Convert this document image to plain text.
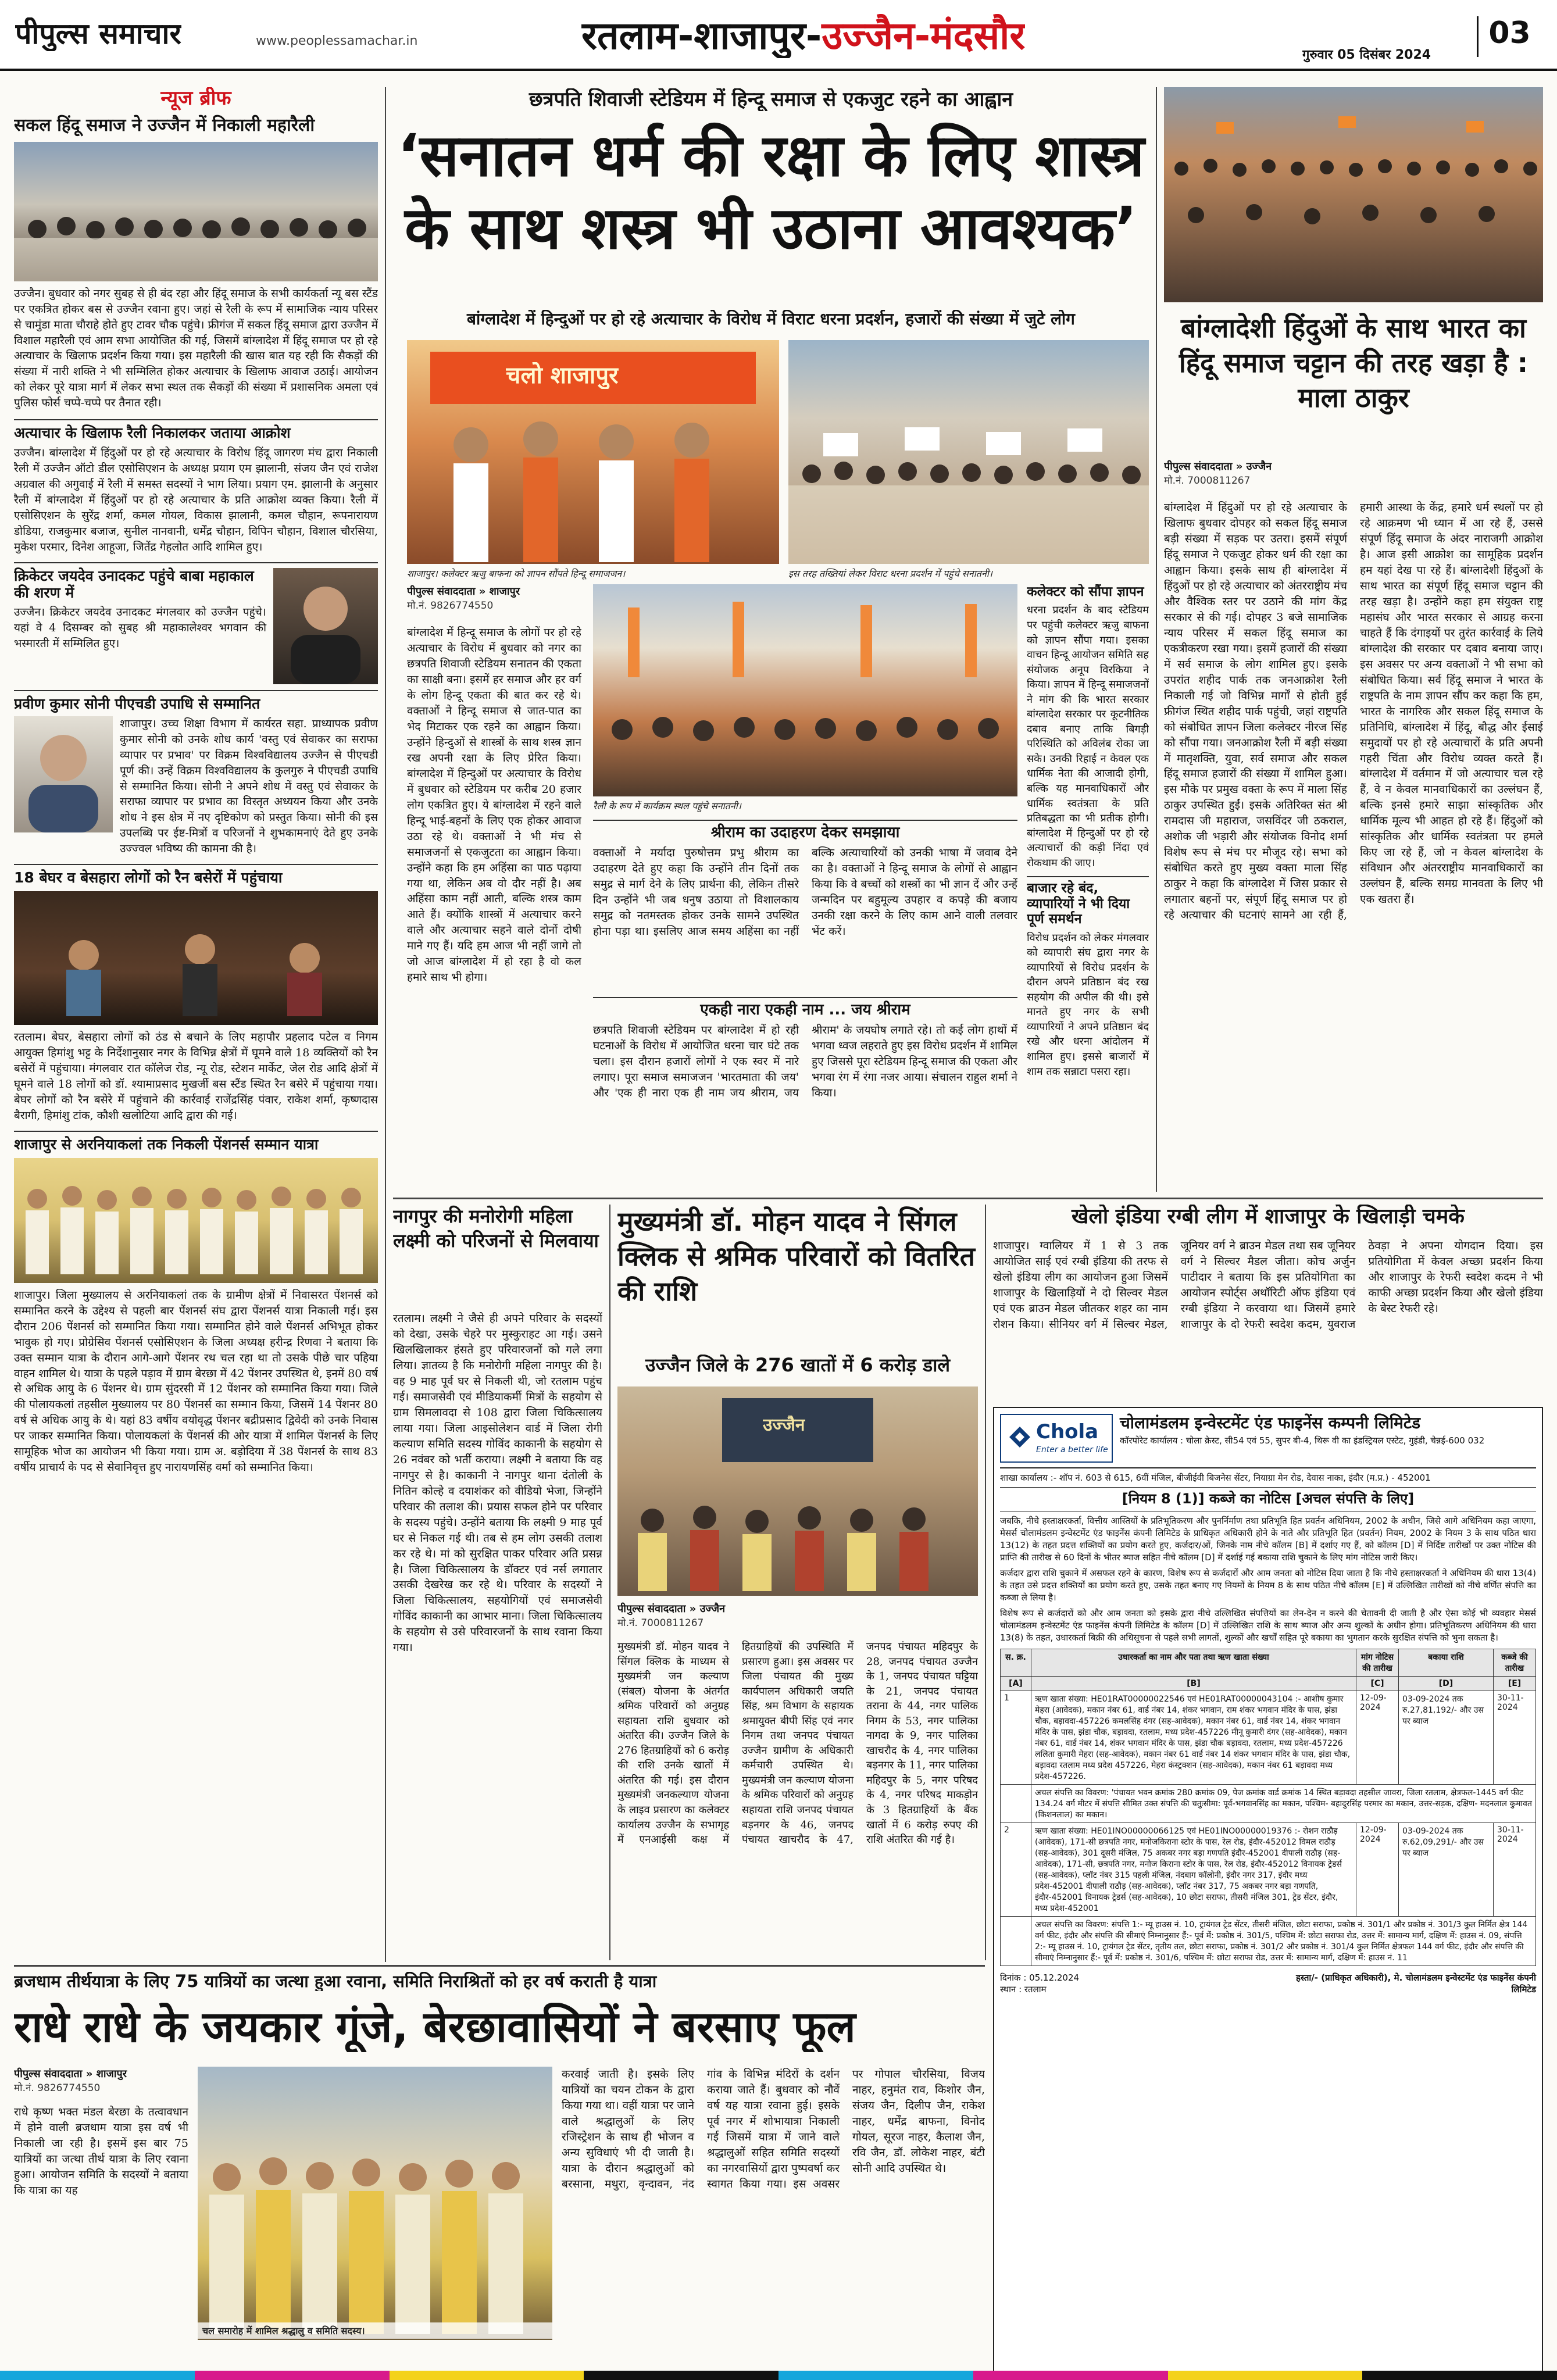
पीपुल्स समाचार	www.peoplessamachar.in	रतलाम-शाजापुर-उज्जैन-मंदसौर	गुरुवार 05 दिसंबर 2024
03
न्यूज ब्रीफ
सकल हिंदू समाज ने उज्जैन में निकाली महारैली
उज्जैन। बुधवार को नगर सुबह से ही बंद रहा और हिंदू समाज के सभी कार्यकर्ता न्यू बस स्टैंड पर एकत्रित होकर बस से उज्जैन रवाना हुए। जहां से रैली के रूप में सामाजिक न्याय परिसर से चामुंडा माता चौराहे होते हुए टावर चौक पहुंचे। फ्रीगंज में सकल हिंदू समाज द्वारा उज्जैन में विशाल महारैली एवं आम सभा आयोजित की गई, जिसमें बांग्लादेश में हिंदू समाज पर हो रहे अत्याचार के खिलाफ प्रदर्शन किया गया। इस महारैली की खास बात यह रही कि सैकड़ों की संख्या में नारी शक्ति ने भी सम्मिलित होकर अत्याचार के खिलाफ आवाज उठाई। आयोजन को लेकर पूरे यात्रा मार्ग में लेकर सभा स्थल तक सैकड़ों की संख्या में प्रशासनिक अमला एवं पुलिस फोर्स चप्पे-चप्पे पर तैनात रही।
अत्याचार के खिलाफ रैली निकालकर जताया आक्रोश
उज्जैन। बांग्लादेश में हिंदुओं पर हो रहे अत्याचार के विरोध हिंदू जागरण मंच द्वारा निकाली रैली में उज्जैन ऑटो डील एसोसिएशन के अध्यक्ष प्रयाग एम झालानी, संजय जैन एवं राजेश अग्रवाल की अगुवाई में रैली में समस्त सदस्यों ने भाग लिया। प्रयाग एम. झालानी के अनुसार रैली में बांग्लादेश में हिंदुओं पर हो रहे अत्याचार के प्रति आक्रोश व्यक्त किया। रैली में एसोसिएशन के सुरेंद्र शर्मा, कमल गोयल, विकास झालानी, कमल चौहान, रूपनारायण डोडिया, राजकुमार बजाज, सुनील नानवानी, धर्मेंद्र चौहान, विपिन चौहान, विशाल चौरसिया, मुकेश परमार, दिनेश आहूजा, जितेंद्र गेहलोत आदि शामिल हुए।
क्रिकेटर जयदेव उनादकट पहुंचे बाबा महाकाल की शरण में
उज्जैन। क्रिकेटर जयदेव उनादकट मंगलवार को उज्जैन पहुंचे। यहां वे 4 दिसम्बर को सुबह श्री महाकालेश्वर भगवान की भस्मारती में सम्मिलित हुए।
प्रवीण कुमार सोनी पीएचडी उपाधि से सम्मानित
शाजापुर। उच्च शिक्षा विभाग में कार्यरत सहा. प्राध्यापक प्रवीण कुमार सोनी को उनके शोध कार्य 'वस्तु एवं सेवाकर का सराफा व्यापार पर प्रभाव' पर विक्रम विश्वविद्यालय उज्जैन से पीएचडी पूर्ण की। उन्हें विक्रम विश्वविद्यालय के कुलगुरु ने पीएचडी उपाधि से सम्मानित किया। सोनी ने अपने शोध में वस्तु एवं सेवाकर के सराफा व्यापार पर प्रभाव का विस्तृत अध्ययन किया और उनके शोध ने इस क्षेत्र में नए दृष्टिकोण को प्रस्तुत किया। सोनी की इस उपलब्धि पर ईष्ट-मित्रों व परिजनों ने शुभकामनाएं देते हुए उनके उज्ज्वल भविष्य की कामना की है।
18 बेघर व बेसहारा लोगों को रैन बसेरों में पहुंचाया
रतलाम। बेघर, बेसहारा लोगों को ठंड से बचाने के लिए महापौर प्रहलाद पटेल व निगम आयुक्त हिमांशु भट्ट के निर्देशानुसार नगर के विभिन्न क्षेत्रों में घूमने वाले 18 व्यक्तियों को रैन बसेरों में पहुंचाया। मंगलवार रात कॉलेज रोड, न्यू रोड, स्टेशन मार्केट, जेल रोड आदि क्षेत्रों में घूमने वाले 18 लोगों को डॉ. श्यामाप्रसाद मुखर्जी बस स्टैंड स्थित रैन बसेरे में पहुंचाया गया। बेघर लोगों को रैन बसेरे में पहुंचाने की कार्रवाई राजेंद्रसिंह पंवार, राकेश शर्मा, कृष्णदास बैरागी, हिमांशु टांक, कौशी खलोटिया आदि द्वारा की गई।
शाजापुर से अरनियाकलां तक निकली पेंशनर्स सम्मान यात्रा
शाजापुर। जिला मुख्यालय से अरनियाकलां तक के ग्रामीण क्षेत्रों में निवासरत पेंशनर्स को सम्मानित करने के उद्देश्य से पहली बार पेंशनर्स संघ द्वारा पेंशनर्स यात्रा निकाली गई। इस दौरान 206 पेंशनर्स को सम्मानित किया गया। सम्मानित होने वाले पेंशनर्स अभिभूत होकर भावुक हो गए। प्रोग्रेसिव पेंशनर्स एसोसिएशन के जिला अध्यक्ष हरीन्द्र रिणवा ने बताया कि उक्त सम्मान यात्रा के दौरान आगे-आगे पेंशनर रथ चल रहा था तो उसके पीछे चार पहिया वाहन शामिल थे। यात्रा के पहले पड़ाव में ग्राम बेरछा में 42 पेंशनर उपस्थित थे, इनमें 80 वर्ष से अधिक आयु के 6 पेंशनर थे। ग्राम सुंदरसी में 12 पेंशनर को सम्मानित किया गया। जिले की पोलायकलां तहसील मुख्यालय पर 80 पेंशनर्स का सम्मान किया, जिसमें 14 पेंशनर 80 वर्ष से अधिक आयु के थे। यहां 83 वर्षीय वयोवृद्ध पेंशनर बद्रीप्रसाद द्विवेदी को उनके निवास पर जाकर सम्मानित किया। पोलायकलां के पेंशनर्स की ओर यात्रा में शामिल पेंशनर्स के लिए सामूहिक भोज का आयोजन भी किया गया। ग्राम अ. बड़ोदिया में 38 पेंशनर्स के साथ 83 वर्षीय प्राचार्य के पद से सेवानिवृत्त हुए नारायणसिंह वर्मा को सम्मानित किया।
छत्रपति शिवाजी स्टेडियम में हिन्दू समाज से एकजुट रहने का आह्वान
‘सनातन धर्म की रक्षा के लिए शास्त्र के साथ शस्त्र भी उठाना आवश्यक’
बांग्लादेश में हिन्दुओं पर हो रहे अत्याचार के विरोध में विराट धरना प्रदर्शन, हजारों की संख्या में जुटे लोग
चलो शाजापुर
शाजापुर। कलेक्टर ऋजु बाफना को ज्ञापन सौंपते हिन्दू समाजजन।	इस तरह तख्तियां लेकर विराट धरना प्रदर्शन में पहुंचे सनातनी।
पीपुल्स संवाददाता » शाजापुर
मो.नं. 9826774550
बांग्लादेश में हिन्दू समाज के लोगों पर हो रहे अत्याचार के विरोध में बुधवार को नगर का छत्रपति शिवाजी स्टेडियम सनातन की एकता का साक्षी बना। इसमें हर समाज और हर वर्ग के लोग हिन्दू एकता की बात कर रहे थे। वक्ताओं ने हिन्दू समाज से जात-पात का भेद मिटाकर एक रहने का आह्वान किया। उन्होंने हिन्दुओं से शास्त्रों के साथ शस्त्र ज्ञान रख अपनी रक्षा के लिए प्रेरित किया। बांग्लादेश में हिन्दुओं पर अत्याचार के विरोध में बुधवार को स्टेडियम पर करीब 20 हजार लोग एकत्रित हुए। ये बांग्लादेश में रहने वाले हिन्दू भाई-बहनों के लिए एक होकर आवाज उठा रहे थे। वक्ताओं ने भी मंच से समाजजनों से एकजुटता का आह्वान किया। उन्होंने कहा कि हम अहिंसा का पाठ पढ़ाया गया था, लेकिन अब वो दौर नहीं है। अब अहिंसा काम नहीं आती, बल्कि शस्त्र काम आते हैं। क्योंकि शास्त्रों में अत्याचार करने वाले और अत्याचार सहने वाले दोनों दोषी माने गए हैं। यदि हम आज भी नहीं जागे तो जो आज बांग्लादेश में हो रहा है वो कल हमारे साथ भी होगा।
रैली के रूप में कार्यक्रम स्थल पहुंचे सनातनी।
कलेक्टर को सौंपा ज्ञापन
धरना प्रदर्शन के बाद स्टेडियम पर पहुंची कलेक्टर ऋजु बाफना को ज्ञापन सौंपा गया। इसका वाचन हिन्दू आयोजन समिति सह संयोजक अनूप विरकिया ने किया। ज्ञापन में हिन्दू समाजजनों ने मांग की कि भारत सरकार बांग्लादेश सरकार पर कूटनीतिक दबाव बनाए ताकि बिगड़ी परिस्थिति को अविलंब रोका जा सके। उनकी रिहाई न केवल एक धार्मिक नेता की आजादी होगी, बल्कि यह मानवाधिकारों और धार्मिक स्वतंत्रता के प्रति प्रतिबद्धता का भी प्रतीक होगी। बांग्लादेश में हिन्दुओं पर हो रहे अत्याचारों की कड़ी निंदा एवं रोकथाम की जाए।
बाजार रहे बंद, व्यापारियों ने भी दिया पूर्ण समर्थन
विरोध प्रदर्शन को लेकर मंगलवार को व्यापारी संघ द्वारा नगर के व्यापारियों से विरोध प्रदर्शन के दौरान अपने प्रतिष्ठान बंद रख सहयोग की अपील की थी। इसे मानते हुए नगर के सभी व्यापारियों ने अपने प्रतिष्ठान बंद रखे और धरना आंदोलन में शामिल हुए। इससे बाजारों में शाम तक सन्नाटा पसरा रहा।
श्रीराम का उदाहरण देकर समझाया
वक्ताओं ने मर्यादा पुरुषोत्तम प्रभु श्रीराम का उदाहरण देते हुए कहा कि उन्होंने तीन दिनों तक समुद्र से मार्ग देने के लिए प्रार्थना की, लेकिन तीसरे दिन उन्होंने भी जब धनुष उठाया तो विशालकाय समुद्र को नतमस्तक होकर उनके सामने उपस्थित होना पड़ा था। इसलिए आज समय अहिंसा का नहीं बल्कि अत्याचारियों को उनकी भाषा में जवाब देने का है। वक्ताओं ने हिन्दू समाज के लोगों से आह्वान किया कि वे बच्चों को शस्त्रों का भी ज्ञान दें और उन्हें जन्मदिन पर बहुमूल्य उपहार व कपड़े की बजाय उनकी रक्षा करने के लिए काम आने वाली तलवार भेंट करें।
एकही नारा एकही नाम ... जय श्रीराम
छत्रपति शिवाजी स्टेडियम पर बांग्लादेश में हो रही घटनाओं के विरोध में आयोजित धरना चार घंटे तक चला। इस दौरान हजारों लोगों ने एक स्वर में नारे लगाए। पूरा समाज समाजजन 'भारतमाता की जय' और 'एक ही नारा एक ही नाम जय श्रीराम, जय श्रीराम' के जयघोष लगाते रहे। तो कई लोग हाथों में भगवा ध्वज लहराते हुए इस विरोध प्रदर्शन में शामिल हुए जिससे पूरा स्टेडियम हिन्दू समाज की एकता और भगवा रंग में रंगा नजर आया। संचालन राहुल शर्मा ने किया।
बांग्लादेशी हिंदुओं के साथ भारत का हिंदू समाज चट्टान की तरह खड़ा है : माला ठाकुर
पीपुल्स संवाददाता » उज्जैन
मो.नं. 7000811267
बांग्लादेश में हिंदुओं पर हो रहे अत्याचार के खिलाफ बुधवार दोपहर को सकल हिंदू समाज बड़ी संख्या में सड़क पर उतरा। इसमें संपूर्ण हिंदू समाज ने एकजुट होकर धर्म की रक्षा का आह्वान किया। इसके साथ ही बांग्लादेश में हिंदुओं पर हो रहे अत्याचार को अंतरराष्ट्रीय मंच और वैश्विक स्तर पर उठाने की मांग केंद्र सरकार से की गई। दोपहर 3 बजे सामाजिक न्याय परिसर में सकल हिंदू समाज का एकत्रीकरण रखा गया। इसमें हजारों की संख्या में सर्व समाज के लोग शामिल हुए। इसके उपरांत शहीद पार्क तक जनआक्रोश रैली निकाली गई जो विभिन्न मार्गों से होती हुई फ्रीगंज स्थित शहीद पार्क पहुंची, जहां राष्ट्रपति को संबोधित ज्ञापन जिला कलेक्टर नीरज सिंह को सौंपा गया। जनआक्रोश रैली में बड़ी संख्या में मातृशक्ति, युवा, सर्व समाज और सकल हिंदू समाज हजारों की संख्या में शामिल हुआ। इस मौके पर प्रमुख वक्ता के रूप में माला सिंह ठाकुर उपस्थित हुईं। इसके अतिरिक्त संत श्री रामदास जी महाराज, जसविंदर जी ठकराल, अशोक जी भड़ारी और संयोजक विनोद शर्मा विशेष रूप से मंच पर मौजूद रहे। सभा को संबोधित करते हुए मुख्य वक्ता माला सिंह ठाकुर ने कहा कि बांग्लादेश में जिस प्रकार से लगातार बहनों पर, संपूर्ण हिंदू समाज पर हो रहे अत्याचार की घटनाएं सामने आ रही हैं, हमारी आस्था के केंद्र, हमारे धर्म स्थलों पर हो रहे आक्रमण भी ध्यान में आ रहे हैं, उससे संपूर्ण हिंदू समाज के अंदर नाराजगी आक्रोश है। आज इसी आक्रोश का सामूहिक प्रदर्शन हम यहां देख पा रहे हैं। बांग्लादेशी हिंदुओं के साथ भारत का संपूर्ण हिंदू समाज चट्टान की तरह खड़ा है। उन्होंने कहा हम संयुक्त राष्ट्र महासंघ और भारत सरकार से आग्रह करना चाहते हैं कि दंगाइयों पर तुरंत कार्रवाई के लिये बांग्लादेश की सरकार पर दबाव बनाया जाए। इस अवसर पर अन्य वक्ताओं ने भी सभा को संबोधित किया। सर्व हिंदू समाज ने भारत के राष्ट्रपति के नाम ज्ञापन सौंप कर कहा कि हम, भारत के नागरिक और सकल हिंदू समाज के प्रतिनिधि, बांग्लादेश में हिंदू, बौद्ध और ईसाई समुदायों पर हो रहे अत्याचारों के प्रति अपनी गहरी चिंता और विरोध व्यक्त करते हैं। बांग्लादेश में वर्तमान में जो अत्याचार चल रहे हैं, वे न केवल मानवाधिकारों का उल्लंघन हैं, बल्कि इनसे हमारे साझा सांस्कृतिक और धार्मिक मूल्य भी आहत हो रहे हैं। हिंदुओं को सांस्कृतिक और धार्मिक स्वतंत्रता पर हमले किए जा रहे हैं, जो न केवल बांग्लादेश के संविधान और अंतरराष्ट्रीय मानवाधिकारों का उल्लंघन हैं, बल्कि समग्र मानवता के लिए भी एक खतरा हैं।
नागपुर की मनोरोगी महिला लक्ष्मी को परिजनों से मिलवाया
रतलाम। लक्ष्मी ने जैसे ही अपने परिवार के सदस्यों को देखा, उसके चेहरे पर मुस्कुराहट आ गई। उसने खिलखिलाकर हंसते हुए परिवारजनों को गले लगा लिया। ज्ञातव्य है कि मनोरोगी महिला नागपुर की है। वह 9 माह पूर्व घर से निकली थी, जो रतलाम पहुंच गई। समाजसेवी एवं मीडियाकर्मी मित्रों के सहयोग से ग्राम सिमलावदा से 108 द्वारा जिला चिकित्सालय लाया गया। जिला आइसोलेशन वार्ड में जिला रोगी कल्याण समिति सदस्य गोविंद काकानी के सहयोग से 26 नवंबर को भर्ती कराया। लक्ष्मी ने बताया कि वह नागपुर से है। काकानी ने नागपुर थाना दंतोली के नितिन कोल्हे व दयाशंकर को वीडियो भेजा, जिन्होंने परिवार की तलाश की। प्रयास सफल होने पर परिवार के सदस्य पहुंचे। उन्होंने बताया कि लक्ष्मी 9 माह पूर्व घर से निकल गई थी। तब से हम लोग उसकी तलाश कर रहे थे। मां को सुरक्षित पाकर परिवार अति प्रसन्न है। जिला चिकित्सालय के डॉक्टर एवं नर्स लगातार उसकी देखरेख कर रहे थे। परिवार के सदस्यों ने जिला चिकित्सालय, सहयोगियों एवं समाजसेवी गोविंद काकानी का आभार माना। जिला चिकित्सालय के सहयोग से उसे परिवारजनों के साथ रवाना किया गया।
मुख्यमंत्री डॉ. मोहन यादव ने सिंगल क्लिक से श्रमिक परिवारों को वितरित की राशि
उज्जैन जिले के 276 खातों में 6 करोड़ डाले
उज्जैन
पीपुल्स संवाददाता » उज्जैन
मो.नं. 7000811267
मुख्यमंत्री डॉ. मोहन यादव ने सिंगल क्लिक के माध्यम से मुख्यमंत्री जन कल्याण (संबल) योजना के अंतर्गत श्रमिक परिवारों को अनुग्रह सहायता राशि बुधवार को अंतरित की। उज्जैन जिले के 276 हितग्राहियों को 6 करोड़ की राशि उनके खातों में अंतरित की गई। इस दौरान मुख्यमंत्री जनकल्याण योजना के लाइव प्रसारण का कलेक्टर कार्यालय उज्जैन के सभागृह में एनआईसी कक्ष में हितग्राहियों की उपस्थिति में प्रसारण हुआ। इस अवसर पर जिला पंचायत की मुख्य कार्यपालन अधिकारी जयति सिंह, श्रम विभाग के सहायक श्रमायुक्त बीपी सिंह एवं नगर निगम तथा जनपद पंचायत उज्जैन ग्रामीण के अधिकारी कर्मचारी उपस्थित थे। मुख्यमंत्री जन कल्याण योजना के श्रमिक परिवारों को अनुग्रह सहायता राशि जनपद पंचायत बड़नगर के 46, जनपद पंचायत खाचरौद के 47, जनपद पंचायत महिदपुर के 28, जनपद पंचायत उज्जैन के 1, जनपद पंचायत घट्टिया के 21, जनपद पंचायत तराना के 44, नगर पालिक निगम के 53, नगर पालिका नागदा के 9, नगर पालिका खाचरौद के 4, नगर पालिका बड़नगर के 11, नगर पालिका महिदपुर के 5, नगर परिषद के 4, नगर परिषद माकड़ोन के 3 हितग्राहियों के बैंक खातों में 6 करोड़ रुपए की राशि अंतरित की गई है।
खेलो इंडिया रग्बी लीग में शाजापुर के खिलाड़ी चमके
शाजापुर। ग्वालियर में 1 से 3 तक आयोजित साई एवं रग्बी इंडिया की तरफ से खेलो इंडिया लीग का आयोजन हुआ जिसमें शाजापुर के खिलाड़ियों ने दो सिल्वर मेडल एवं एक ब्राउन मेडल जीतकर शहर का नाम रोशन किया। सीनियर वर्ग में सिल्वर मेडल, जूनियर वर्ग ने ब्राउन मेडल तथा सब जूनियर वर्ग ने सिल्वर मैडल जीता। कोच अर्जुन पाटीदार ने बताया कि इस प्रतियोगिता का आयोजन स्पोर्ट्स अथॉरिटी ऑफ इंडिया एवं रग्बी इंडिया ने करवाया था। जिसमें हमारे शाजापुर के दो रेफरी स्वदेश कदम, युवराज ठेवड़ा ने अपना योगदान दिया। इस प्रतियोगिता में केवल अच्छा प्रदर्शन किया और शाजापुर के रेफरी स्वदेश कदम ने भी काफी अच्छा प्रदर्शन किया और खेलो इंडिया के बेस्ट रेफरी रहे।
Chola
Enter a better life
चोलामंडलम इन्वेस्टमेंट एंड फाइनेंस कम्पनी लिमिटेड
कॉरपोरेट कार्यालय : चोला क्रेस्ट, सी54 एवं 55, सुपर बी-4, थिरू वी का इंडस्ट्रियल एस्टेट, गुइंडी, चेन्नई-600 032
शाखा कार्यालय :- शॉप नं. 603 से 615, 6वीं मंजिल, बीजीईवी बिजनेस सेंटर, नियाग्रा मेन रोड, देवास नाका, इंदौर (म.प्र.) - 452001
[नियम 8 (1)] कब्जे का नोटिस [अचल संपत्ति के लिए]
जबकि, नीचे हस्ताक्षरकर्ता, वित्तीय आस्तियों के प्रतिभूतिकरण और पुनर्निर्माण तथा प्रतिभूति हित प्रवर्तन अधिनियम, 2002 के अधीन, जिसे आगे अधिनियम कहा जाएगा, मेसर्स चोलामंडलम इन्वेस्टमेंट एंड फाइनेंस कंपनी लिमिटेड के प्राधिकृत अधिकारी होने के नाते और प्रतिभूति हित (प्रवर्तन) नियम, 2002 के नियम 3 के साथ पठित धारा 13(12) के तहत प्रदत्त शक्तियों का प्रयोग करते हुए, कर्जदार/ओं, जिनके नाम नीचे कॉलम [B] में दर्शाए गए हैं, को कॉलम [D] में निर्दिष्ट तारीखों पर उक्त नोटिस की प्राप्ति की तारीख से 60 दिनों के भीतर ब्याज सहित नीचे कॉलम [D] में दर्शाई गई बकाया राशि चुकाने के लिए मांग नोटिस जारी किए।
कर्जदार द्वारा राशि चुकाने में असफल रहने के कारण, विशेष रूप से कर्जदारों और आम जनता को नोटिस दिया जाता है कि नीचे हस्ताक्षरकर्ता ने अधिनियम की धारा 13(4) के तहत उसे प्रदत्त शक्तियों का प्रयोग करते हुए, उसके तहत बनाए गए नियमों के नियम 8 के साथ पठित नीचे कॉलम [E] में उल्लिखित तारीखों को नीचे वर्णित संपत्ति का कब्जा ले लिया है।
विशेष रूप से कर्जदारों को और आम जनता को इसके द्वारा नीचे उल्लिखित संपत्तियों का लेन-देन न करने की चेतावनी दी जाती है और ऐसा कोई भी व्यवहार मेसर्स चोलामंडलम इन्वेस्टमेंट एंड फाइनेंस कंपनी लिमिटेड के कॉलम [D] में उल्लिखित राशि के साथ ब्याज और अन्य शुल्कों के अधीन होगा। प्रतिभूतिकरण अधिनियम की धारा 13(8) के तहत, उधारकर्ता बिक्री की अधिसूचना से पहले सभी लागतों, शुल्कों और खर्चों सहित पूरे बकाया का भुगतान करके सुरक्षित संपत्ति को भुना सकता है।
स. क्र.	उधारकर्ता का नाम और पता तथा ऋण खाता संख्या	मांग नोटिस की तारीख	बकाया राशि	कब्जे की तारीख
[A]	[B]	[C]	[D]	[E]
1	ऋण खाता संख्या: HE01RAT00000022546 एवं HE01RAT00000043104 :- आशीष कुमार मेहरा (आवेदक), मकान नंबर 61, वार्ड नंबर 14, शंकर भगवान, राम शंकर भगवान मंदिर के पास, झंडा चौक, बड़ावदा-457226 कमलसिंह दंगर (सह-आवेदक), मकान नंबर 61, वार्ड नंबर 14, शंकर भगवान मंदिर के पास, झंडा चौक, बड़ावदा, रतलाम, मध्य प्रदेश-457226 मीनू कुमारी दंगर (सह-आवेदक), मकान नंबर 61, वार्ड नंबर 14, शंकर भगवान मंदिर के पास, झंडा चौक बड़ावदा, रतलाम, मध्य प्रदेश-457226 ललिता कुमारी मेहरा (सह-आवेदक), मकान नंबर 61 वार्ड नंबर 14 शंकर भगवान मंदिर के पास, झंडा चौक, बड़ावदा रतलाम मध्य प्रदेश 457226, मेहरा कंस्ट्रक्शन (सह-आवेदक), मकान नंबर 61 बड़ावदा मध्य प्रदेश-457226.	12-09-2024	03-09-2024 तक रु.27,81,192/- और उस पर ब्याज	30-11-2024
	अचल संपत्ति का विवरण: 'पंचायत भवन क्रमांक 280 क्रमांक 09, पेज क्रमांक वार्ड क्रमांक 14 स्थित बड़ावदा तहसील जावरा, जिला रतलाम, क्षेत्रफल-1445 वर्ग फीट 134.24 वर्ग मीटर में संपत्ति सीमित उक्त संपत्ति की चतुःसीमा: पूर्व-भगवानसिंह का मकान, पश्चिम- बहादुरसिंह परमार का मकान, उत्तर-सड़क, दक्षिण- मदनलाल कुमावत (किशनलाल) का मकान।			
2	ऋण खाता संख्या: HE01INO00000066125 एवं HE01INO00000019376 :- रोशन राठौड़ (आवेदक), 171-सी छत्रपति नगर, मनोजकिराना स्टोर के पास, रेल रोड, इंदौर-452012 विमल राठौड़ (सह-आवेदक), 301 दूसरी मंजिल, 75 अकबर नगर बड़ा गणपति इंदौर-452001 दीपाली राठौड़ (सह-आवेदक), 171-सी, छत्रपति नगर, मनोज किराना स्टोर के पास, रेल रोड, इंदौर-452012 विनायक ट्रेडर्स (सह-आवेदक), प्लॉट नंबर 315 पहली मंजिल, नंदबाग कॉलोनी, इंदौर नगर 317, इंदौर मध्य प्रदेश-452001 दीपाली राठौड़ (सह-आवेदक), प्लॉट नंबर 317, 75 अकबर नगर बड़ा गणपति, इंदौर-452001 विनायक ट्रेडर्स (सह-आवेदक), 10 छोटा सराफा, तीसरी मंजिल 301, ट्रेड सेंटर, इंदौर, मध्य प्रदेश-452001	12-09-2024	03-09-2024 तक रु.62,09,291/- और उस पर ब्याज	30-11-2024
	अचल संपत्ति का विवरण: संपत्ति 1:- म्यू हाउस नं. 10, ट्रायंगल ट्रेड सेंटर, तीसरी मंजिल, छोटा सराफा, प्रकोष्ठ नं. 301/1 और प्रकोष्ठ नं. 301/3 कुल निर्मित क्षेत्र 144 वर्ग फीट, इंदौर और संपत्ति की सीमाएं निम्नानुसार हैं:- पूर्व में: प्रकोष्ठ नं. 301/5, पश्चिम में: छोटा सराफा रोड, उत्तर में: सामान्य मार्ग, दक्षिण में: हाउस नं. 09, संपत्ति 2:- म्यू हाउस नं. 10, ट्रायंगल ट्रेड सेंटर, तृतीय तल, छोटा सराफा, प्रकोष्ठ नं. 301/2 और प्रकोष्ठ नं. 301/4 कुल निर्मित क्षेत्रफल 144 वर्ग फीट, इंदौर और संपत्ति की सीमाएं निम्नानुसार हैं:- पूर्व में: प्रकोष्ठ नं. 301/6, पश्चिम में: छोटा सराफा रोड, उत्तर में: सामान्य मार्ग, दक्षिण में: हाउस नं. 11			
दिनांक : 05.12.2024
स्थान : रतलाम
हस्ता/- (प्राधिकृत अधिकारी), मे. चोलामंडलम इन्वेस्टमेंट एंड फाइनेंस कंपनी लिमिटेड
ब्रजधाम तीर्थयात्रा के लिए 75 यात्रियों का जत्था हुआ रवाना, समिति निराश्रितों को हर वर्ष कराती है यात्रा
राधे राधे के जयकार गूंजे, बेरछावासियों ने बरसाए फूल
पीपुल्स संवाददाता » शाजापुर
मो.नं. 9826774550
राधे कृष्ण भक्त मंडल बेरछा के तत्वावधान में होने वाली ब्रजधाम यात्रा इस वर्ष भी निकाली जा रही है। इसमें इस बार 75 यात्रियों का जत्था तीर्थ यात्रा के लिए रवाना हुआ। आयोजन समिति के सदस्यों ने बताया कि यात्रा का यह
चल समारोह में शामिल श्रद्धालु व समिति सदस्य।
करवाई जाती है। इसके लिए यात्रियों का चयन टोकन के द्वारा किया गया था। वहीं यात्रा पर जाने वाले श्रद्धालुओं के लिए रजिस्ट्रेशन के साथ ही भोजन व अन्य सुविधाएं भी दी जाती है। यात्रा के दौरान श्रद्धालुओं को बरसाना, मथुरा, वृन्दावन, नंद गांव के विभिन्न मंदिरों के दर्शन कराया जाते हैं। बुधवार को नौवें वर्ष यह यात्रा रवाना हुई। इसके पूर्व नगर में शोभायात्रा निकाली गई जिसमें यात्रा में जाने वाले श्रद्धालुओं सहित समिति सदस्यों का नगरवासियों द्वारा पुष्पवर्षा कर स्वागत किया गया। इस अवसर पर गोपाल चौरसिया, विजय नाहर, हनुमंत राव, किशोर जैन, संजय जैन, दिलीप जैन, राकेश नाहर, धर्मेंद्र बाफना, विनोद गोयल, सूरज नाहर, कैलाश जैन, रवि जैन, डॉ. लोकेश नाहर, बंटी सोनी आदि उपस्थित थे।
